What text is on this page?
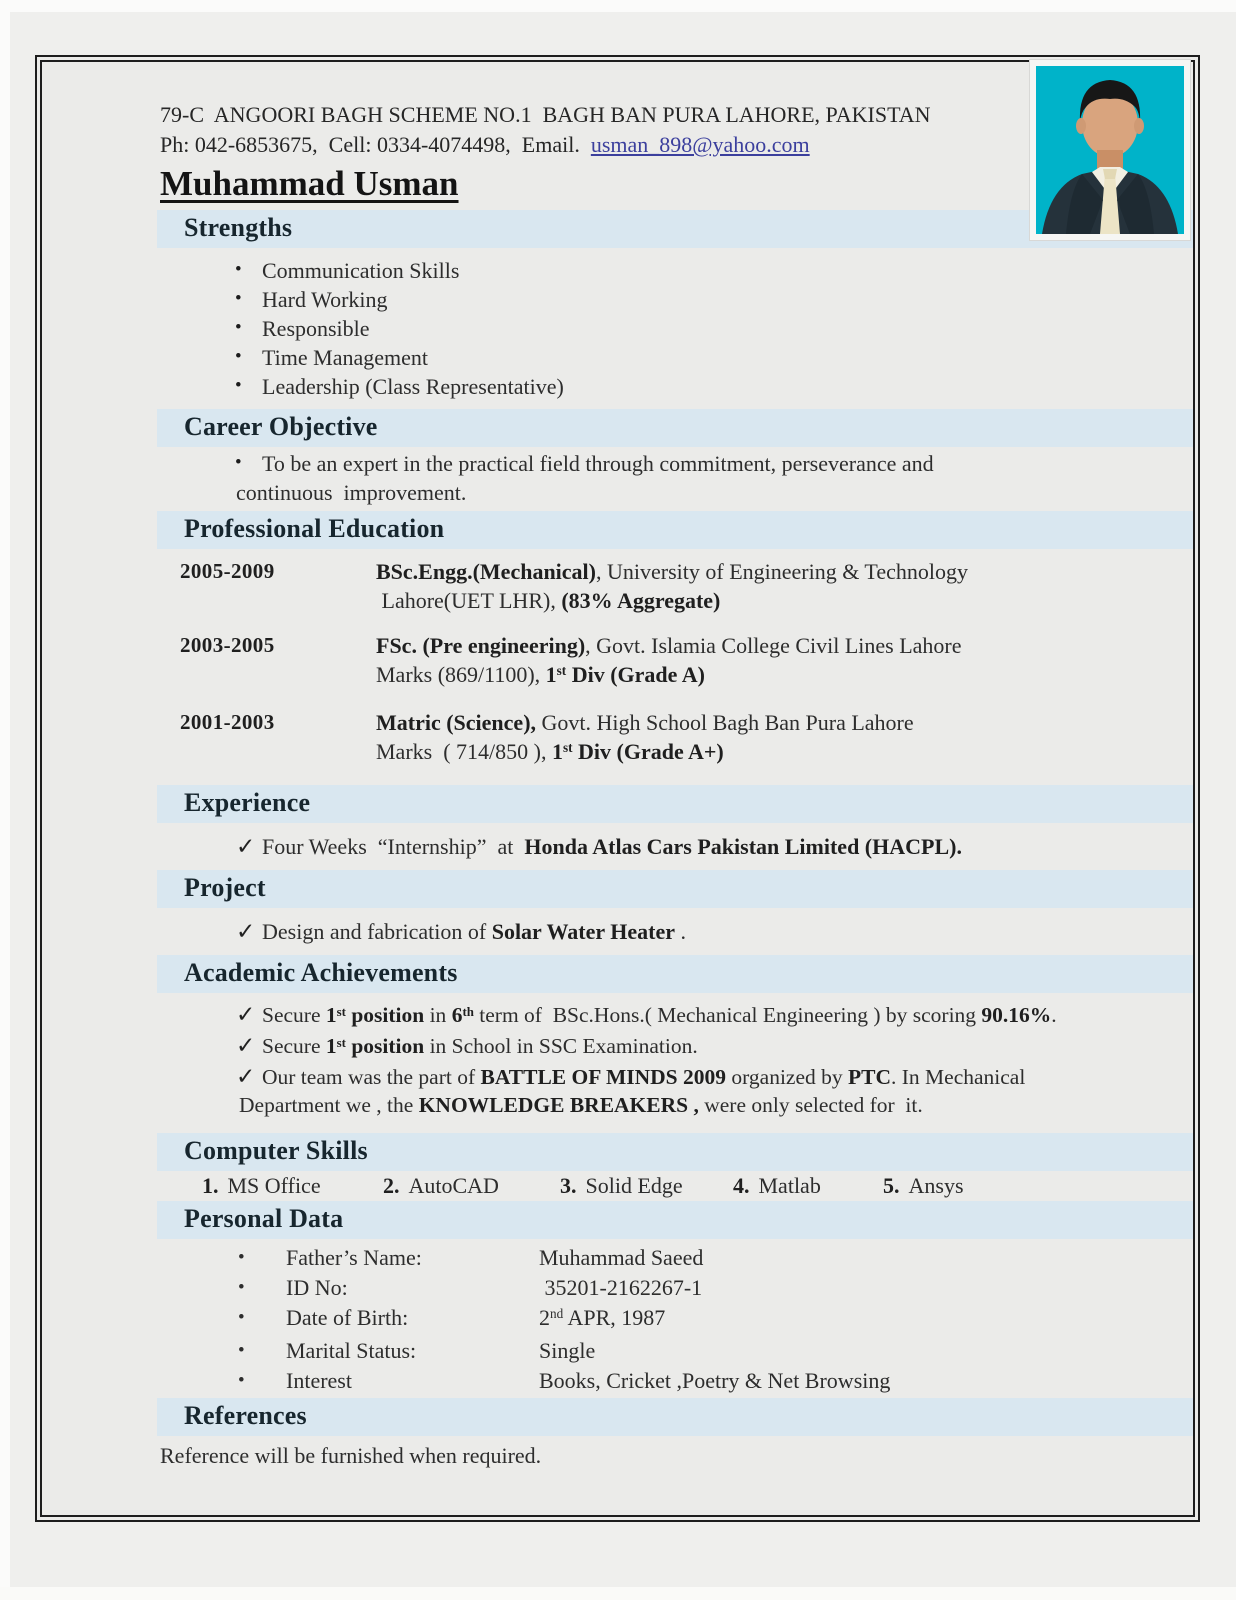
79-C  ANGOORI BAGH SCHEME NO.1  BAGH BAN PURA LAHORE, PAKISTAN
Ph: 042-6853675,  Cell: 0334-4074498,  Email.  usman_898@yahoo.com
Muhammad Usman
Strengths
• Communication Skills
• Hard Working
• Responsible
• Time Management
• Leadership (Class Representative)
Career Objective
• To be an expert in the practical field through commitment, perseverance and
continuous  improvement.
Professional Education
2005-2009	BSc.Engg.(Mechanical), University of Engineering & Technology
Lahore(UET LHR), (83% Aggregate)
2003-2005	FSc. (Pre engineering), Govt. Islamia College Civil Lines Lahore
Marks (869/1100), 1st Div (Grade A)
2001-2003	Matric (Science), Govt. High School Bagh Ban Pura Lahore
Marks  ( 714/850 ), 1st Div (Grade A+)
Experience
✓ Four Weeks  “Internship”  at  Honda Atlas Cars Pakistan Limited (HACPL).
Project
✓ Design and fabrication of Solar Water Heater .
Academic Achievements
✓ Secure 1st position in 6th term of  BSc.Hons.( Mechanical Engineering ) by scoring 90.16%.
✓ Secure 1st position in School in SSC Examination.
✓ Our team was the part of BATTLE OF MINDS 2009 organized by PTC. In Mechanical
Department we , the KNOWLEDGE BREAKERS , were only selected for  it.
Computer Skills
1. MS Office	2. AutoCAD	3. Solid Edge	4. Matlab	5. Ansys
Personal Data
•	Father’s Name:	Muhammad Saeed
•	ID No:	35201-2162267-1
•	Date of Birth:	2nd APR, 1987
•	Marital Status:	Single
•	Interest	Books, Cricket ,Poetry & Net Browsing
References
Reference will be furnished when required.
